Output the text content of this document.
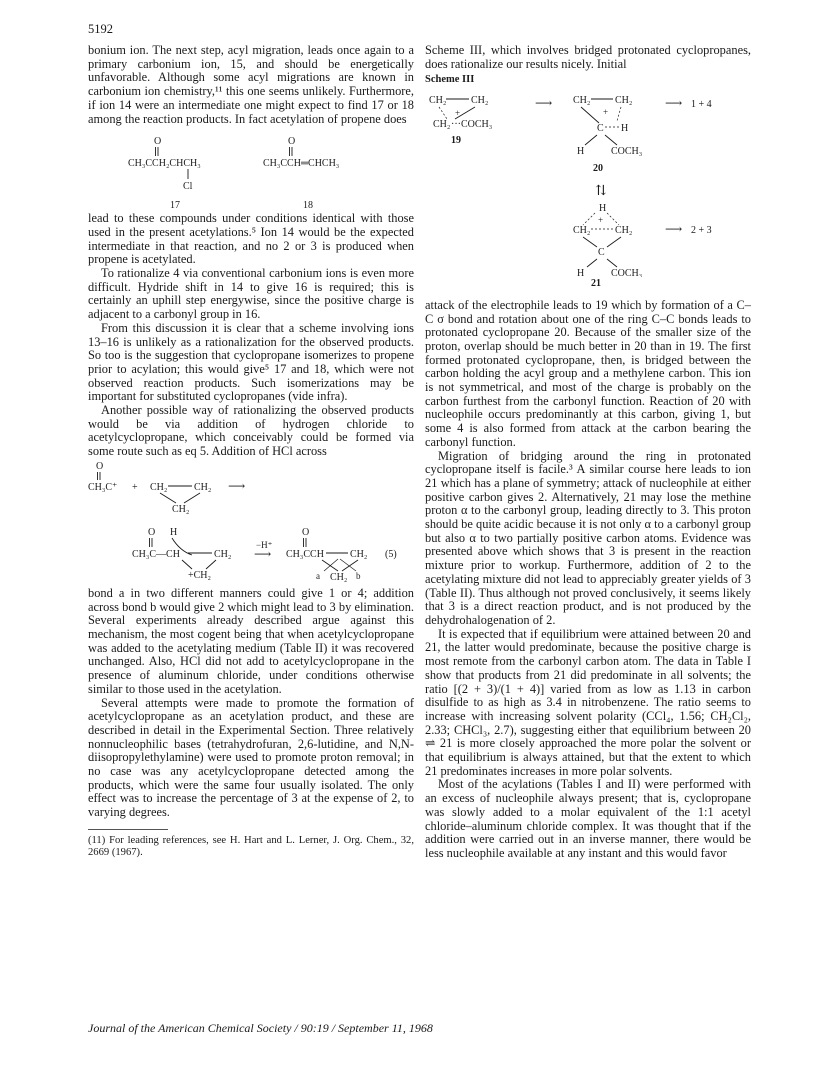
5192

bonium ion. The next step, acyl migration, leads once again to a primary carbonium ion, 15, and should be energetically unfavorable. Although some acyl migrations are known in carbonium ion chemistry,¹¹ this one seems unlikely. Furthermore, if ion 14 were an intermediate one might expect to find 17 or 18 among the reaction products. In fact acetylation of propene does

O
CH₃CCH₂CHCH₃
Cl
17
O
CH₃CCH═CHCH₃
18

lead to these compounds under conditions identical with those used in the present acetylations.⁵ Ion 14 would be the expected intermediate in that reaction, and no 2 or 3 is produced when propene is acetylated.

To rationalize 4 via conventional carbonium ions is even more difficult. Hydride shift in 14 to give 16 is required; this is certainly an uphill step energywise, since the positive charge is adjacent to a carbonyl group in 16.

From this discussion it is clear that a scheme involving ions 13–16 is unlikely as a rationalization for the observed products. So too is the suggestion that cyclopropane isomerizes to propene prior to acylation; this would give⁵ 17 and 18, which were not observed reaction products. Such isomerizations may be important for substituted cyclopropanes (vide infra).

Another possible way of rationalizing the observed products would be via addition of hydrogen chloride to acetylcyclopropane, which conceivably could be formed via some route such as eq 5. Addition of HCl across

O
CH₃C⁺ + CH₂	CH₂
CH₂
⟶
O H
CH₃C—CH	CH₂
+CH₂
−H⁺
⟶
O
CH₃CCH	CH₂ (5)
a CH₂ b

bond a in two different manners could give 1 or 4; addition across bond b would give 2 which might lead to 3 by elimination. Several experiments already described argue against this mechanism, the most cogent being that when acetylcyclopropane was added to the acetylating medium (Table II) it was recovered unchanged. Also, HCl did not add to acetylcyclopropane in the presence of aluminum chloride, under conditions otherwise similar to those used in the acetylation.

Several attempts were made to promote the formation of acetylcyclopropane as an acetylation product, and these are described in detail in the Experimental Section. Three relatively nonnucleophilic bases (tetrahydrofuran, 2,6-lutidine, and N,N-diisopropylethylamine) were used to promote proton removal; in no case was any acetylcyclopropane detected among the products, which were the same four usually isolated. The only effect was to increase the percentage of 3 at the expense of 2, to varying degrees.

(11) For leading references, see H. Hart and L. Lerner, J. Org. Chem., 32, 2669 (1967).

Scheme III, which involves bridged protonated cyclopropanes, does rationalize our results nicely. Initial

Scheme III
CH₂ CH₂
+
CH₂ ···COCH₃
19
⟶ CH₂ CH₂
+
C H
H	COCH₃
20
⟶ 1 + 4
⇅
H
+
CH₂ CH₂
C
H	COCH₃
⟶ 2 + 3
21

attack of the electrophile leads to 19 which by formation of a C–C σ bond and rotation about one of the ring C–C bonds leads to protonated cyclopropane 20. Because of the smaller size of the proton, overlap should be much better in 20 than in 19. The first formed protonated cyclopropane, then, is bridged between the carbon holding the acyl group and a methylene carbon. This ion is not symmetrical, and most of the charge is probably on the carbon furthest from the carbonyl function. Reaction of 20 with nucleophile occurs predominantly at this carbon, giving 1, but some 4 is also formed from attack at the carbon bearing the carbonyl function.

Migration of bridging around the ring in protonated cyclopropane itself is facile.³ A similar course here leads to ion 21 which has a plane of symmetry; attack of nucleophile at either positive carbon gives 2. Alternatively, 21 may lose the methine proton α to the carbonyl group, leading directly to 3. This proton should be quite acidic because it is not only α to a carbonyl group but also α to two partially positive carbon atoms. Evidence was presented above which shows that 3 is present in the reaction mixture prior to workup. Furthermore, addition of 2 to the acetylating mixture did not lead to appreciably greater yields of 3 (Table II). Thus although not proved conclusively, it seems likely that 3 is a direct reaction product, and is not produced by the dehydrohalogenation of 2.

It is expected that if equilibrium were attained between 20 and 21, the latter would predominate, because the positive charge is most remote from the carbonyl carbon atom. The data in Table I show that products from 21 did predominate in all solvents; the ratio [(2 + 3)/(1 + 4)] varied from as low as 1.13 in carbon disulfide to as high as 3.4 in nitrobenzene. The ratio seems to increase with increasing solvent polarity (CCl₄, 1.56; CH₂Cl₂, 2.33; CHCl₃, 2.7), suggesting either that equilibrium between 20 ⇌ 21 is more closely approached the more polar the solvent or that equilibrium is always attained, but that the extent to which 21 predominates increases in more polar solvents.

Most of the acylations (Tables I and II) were performed with an excess of nucleophile always present; that is, cyclopropane was slowly added to a molar equivalent of the 1:1 acetyl chloride–aluminum chloride complex. It was thought that if the addition were carried out in an inverse manner, there would be less nucleophile available at any instant and this would favor

Journal of the American Chemical Society / 90:19 / September 11, 1968
